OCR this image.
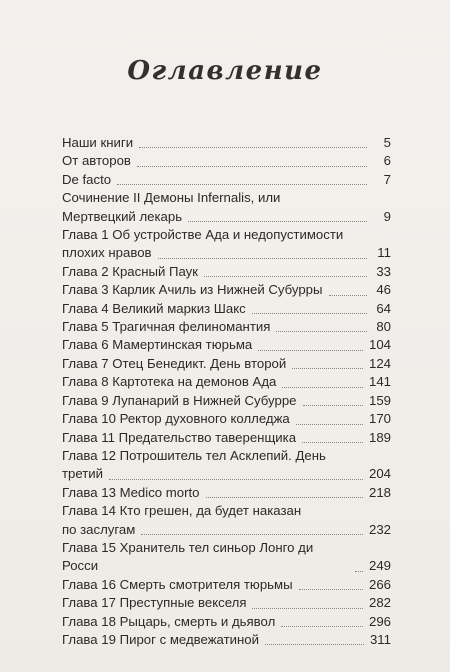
Оглавление
Наши книги	5
От авторов	6
De facto	7
Сочинение II Демоны Infernalis, или
Мертвецкий лекарь	9
Глава 1 Об устройстве Ада и недопустимости
плохих нравов	11
Глава 2 Красный Паук	33
Глава 3 Карлик Ачиль из Нижней Субурры	46
Глава 4 Великий маркиз Шакс	64
Глава 5 Трагичная фелиномантия	80
Глава 6 Мамертинская тюрьма	104
Глава 7 Отец Бенедикт. День второй	124
Глава 8 Картотека на демонов Ада	141
Глава 9 Лупанарий в Нижней Субурре	159
Глава 10 Ректор духовного колледжа	170
Глава 11 Предательство таверенщика	189
Глава 12 Потрошитель тел Асклепий. День
третий	204
Глава 13 Medico morto	218
Глава 14 Кто грешен, да будет наказан
по заслугам	232
Глава 15 Хранитель тел синьор Лонго ди Росси	249
Глава 16 Смерть смотрителя тюрьмы	266
Глава 17 Преступные векселя	282
Глава 18 Рыцарь, смерть и дьявол	296
Глава 19 Пирог с медвежатиной	311
